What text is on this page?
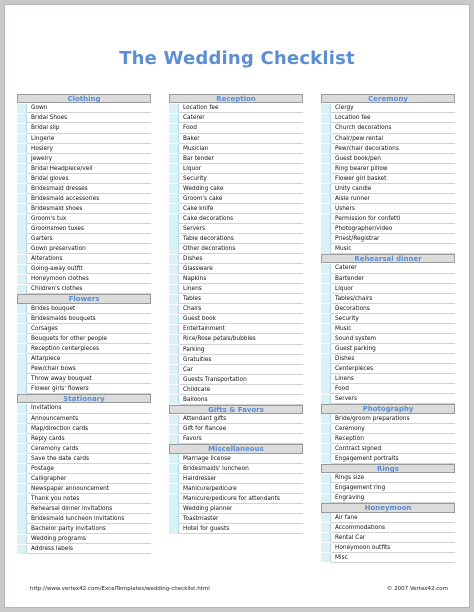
The Wedding Checklist
Clothing
Gown
Bridal Shoes
Bridal slip
Lingerie
Hosiery
Jewelry
Bridal Headpiece/veil
Bridal gloves
Bridesmaid dresses
Bridesmaid accessories
Bridesmaid shoes
Groom's tux
Groomsmen tuxes
Garters
Gown preservation
Alterations
Going-away outfit
Honeymoon clothes
Children's clothes
Flowers
Brides bouquet
Bridesmaids bouquets
Corsages
Bouquets for other people
Reception centerpieces
Altarpiece
Pew/chair bows
Throw away bouquet
Flower girls' flowers
Stationary
Invitations
Announcements
Map/direction cards
Reply cards
Ceremony cards
Save the date cards
Postage
Calligrapher
Newspaper announcement
Thank you notes
Rehearsal dinner invitations
Bridesmaid luncheon invitations
Bachelor party invitations
Wedding programs
Address labels
Reception
Location fee
Caterer
Food
Baker
Musician
Bar tender
Liquor
Security
Wedding cake
Groom's cake
Cake knife
Cake decorations
Servers
Table decorations
Other decorations
Dishes
Glassware
Napkins
Linens
Tables
Chairs
Guest book
Entertainment
Rice/Rose petals/bubbles
Parking
Gratuities
Car
Guests Transportation
Childcare
Balloons
Gifts & Favors
Attendant gifts
Gift for fiancee
Favors
Miscellaneous
Marriage license
Bridesmaids' luncheon
Hairdresser
Manicure/pedicure
Manicure/pedicure for attendants
Wedding planner
Toastmaster
Hotel for guests
Ceremony
Clergy
Location fee
Church decorations
Chair/pew rental
Pew/chair decorations
Guest book/pen
Ring bearer pillow
Flower girl basket
Unity candle
Aisle runner
Ushers
Permission for confetti
Photographer/video
Priest/Registrar
Music
Rehearsal dinner
Caterer
Bartender
Liquor
Tables/chairs
Decorations
Security
Music
Sound system
Guest parking
Dishes
Centerpieces
Linens
Food
Servers
Photography
Bride/groom preparations
Ceremony
Reception
Contract signed
Engagement portraits
Rings
Rings size
Engagement ring
Engraving
Honeymoon
Air fane
Accommodations
Rental Car
Honeymoon outfits
Misc
http://www.vertex42.com/ExcelTemplates/wedding-checklist.html	© 2007 Vertex42.com
